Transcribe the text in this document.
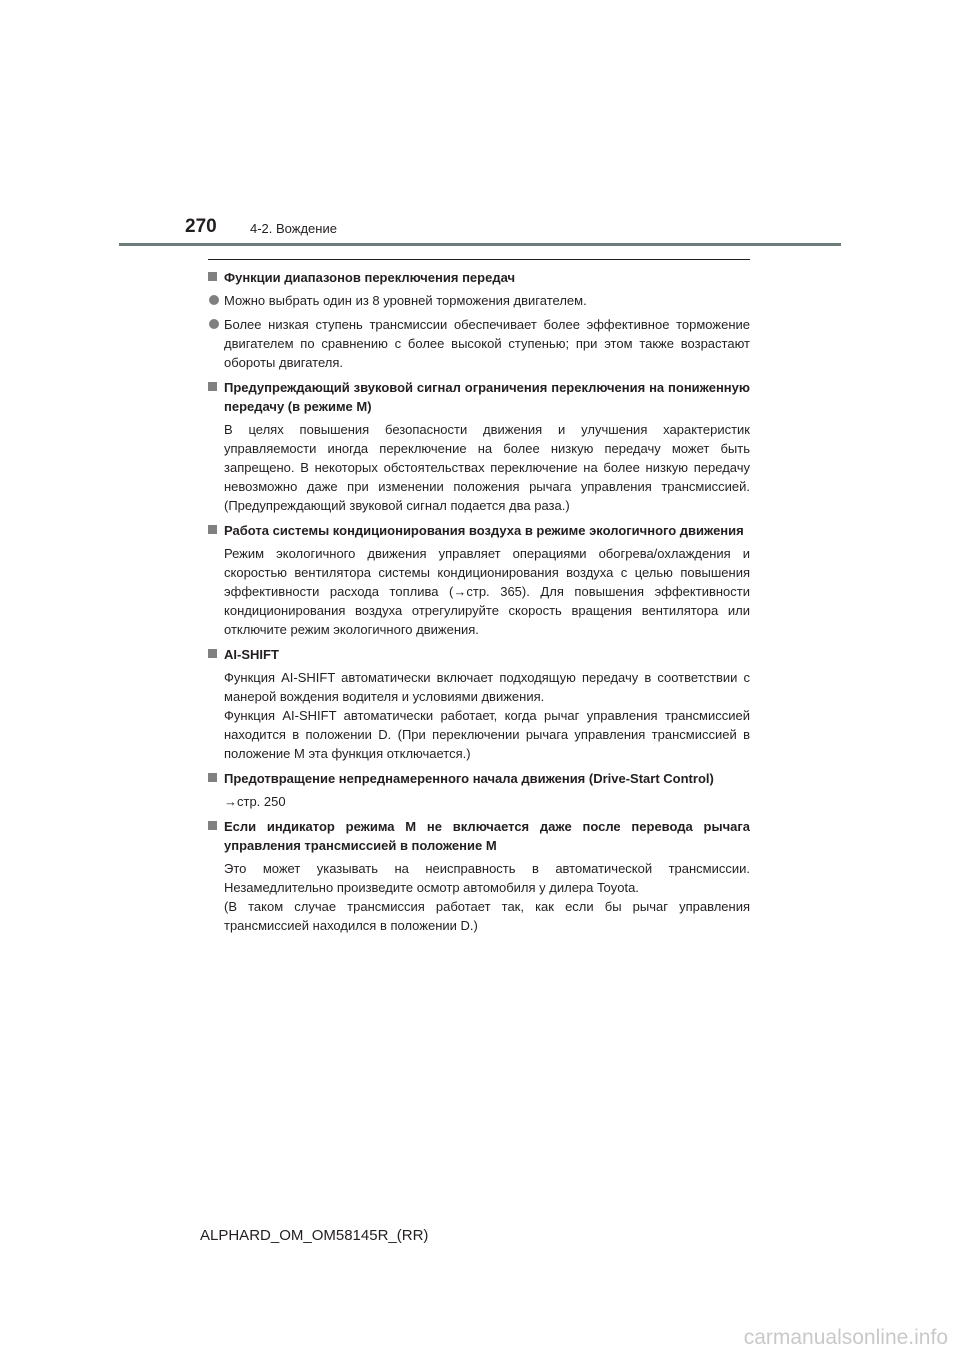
270	4-2. Вождение
Функции диапазонов переключения передач
Можно выбрать один из 8 уровней торможения двигателем.
Более низкая ступень трансмиссии обеспечивает более эффективное торможение двигателем по сравнению с более высокой ступенью; при этом также возрастают обороты двигателя.
Предупреждающий звуковой сигнал ограничения переключения на пониженную передачу (в режиме M)

В целях повышения безопасности движения и улучшения характеристик управляемости иногда переключение на более низкую передачу может быть запрещено. В некоторых обстоятельствах переключение на более низкую передачу невозможно даже при изменении положения рычага управления трансмиссией. (Предупреждающий звуковой сигнал подается два раза.)

Работа системы кондиционирования воздуха в режиме экологичного движения

Режим экологичного движения управляет операциями обогрева/охлаждения и скоростью вентилятора системы кондиционирования воздуха с целью повышения эффективности расхода топлива (→стр. 365). Для повышения эффективности кондиционирования воздуха отрегулируйте скорость вращения вентилятора или отключите режим экологичного движения.

AI-SHIFT

Функция AI-SHIFT автоматически включает подходящую передачу в соответствии с манерой вождения водителя и условиями движения.

Функция AI-SHIFT автоматически работает, когда рычаг управления трансмиссией находится в положении D. (При переключении рычага управления трансмиссией в положение M эта функция отключается.)

Предотвращение непреднамеренного начала движения (Drive-Start Control)

→стр. 250

Если индикатор режима M не включается даже после перевода рычага управления трансмиссией в положение M

Это может указывать на неисправность в автоматической трансмиссии. Незамедлительно произведите осмотр автомобиля у дилера Toyota.

(В таком случае трансмиссия работает так, как если бы рычаг управления трансмиссией находился в положении D.)

ALPHARD_OM_OM58145R_(RR)
carmanualsonline.info
